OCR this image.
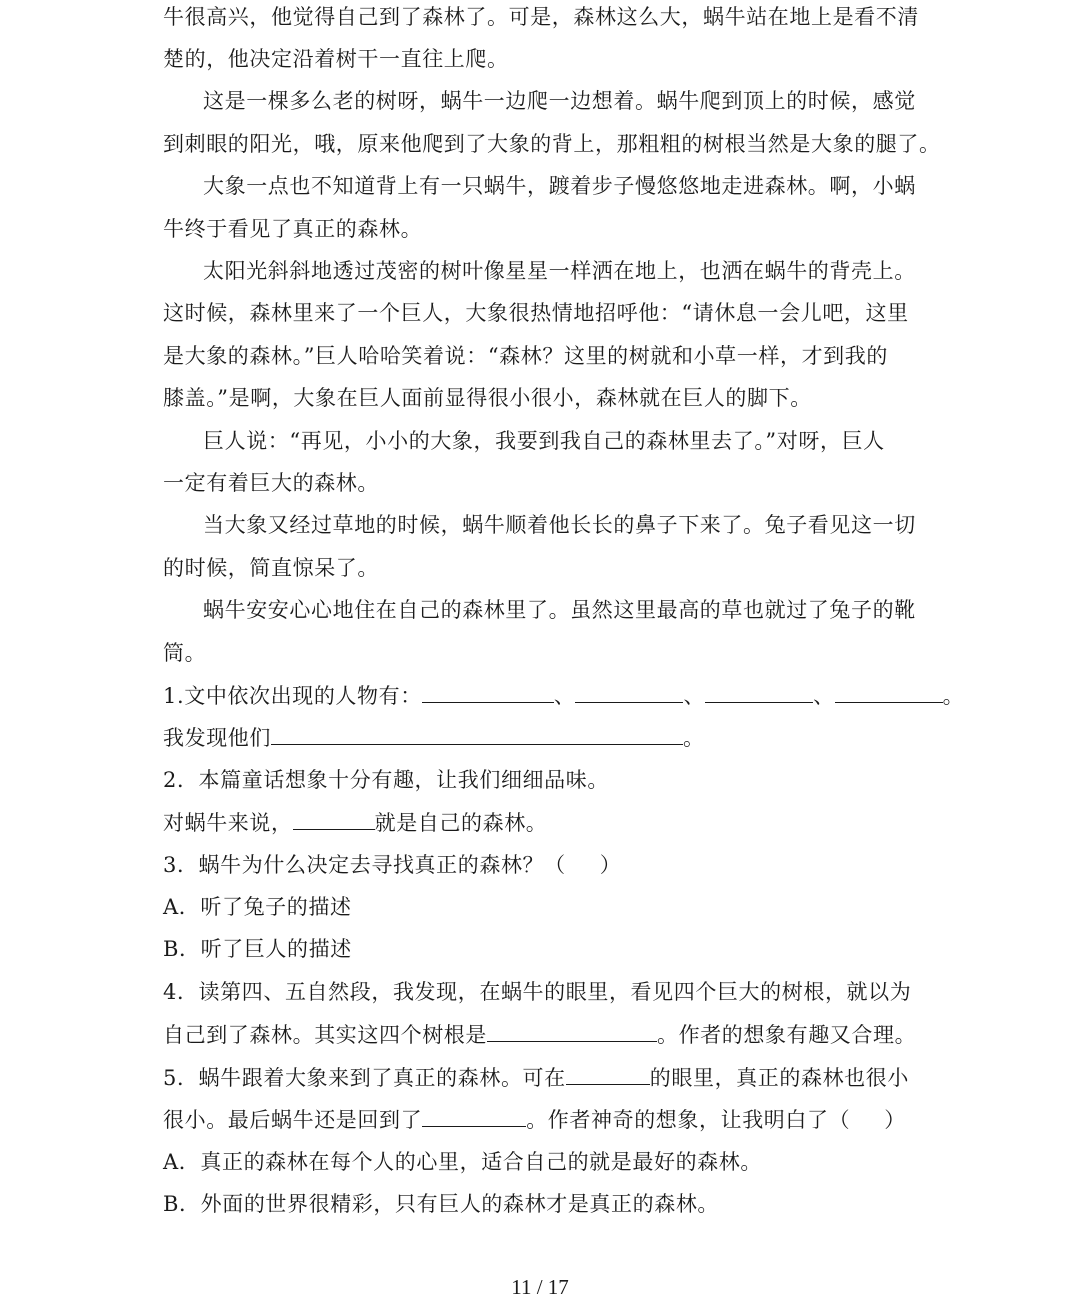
牛很高兴，他觉得自己到了森林了。可是，森林这么大，蜗牛站在地上是看不清
楚的，他决定沿着树干一直往上爬。
这是一棵多么老的树呀，蜗牛一边爬一边想着。蜗牛爬到顶上的时候，感觉
到刺眼的阳光，哦，原来他爬到了大象的背上，那粗粗的树根当然是大象的腿了。
大象一点也不知道背上有一只蜗牛，踱着步子慢悠悠地走进森林。啊，小蜗
牛终于看见了真正的森林。
太阳光斜斜地透过茂密的树叶像星星一样洒在地上，也洒在蜗牛的背壳上。
这时候，森林里来了一个巨人，大象很热情地招呼他：“请休息一会儿吧，这里
是大象的森林。”巨人哈哈笑着说：“森林？这里的树就和小草一样，才到我的
膝盖。”是啊，大象在巨人面前显得很小很小，森林就在巨人的脚下。
巨人说：“再见，小小的大象，我要到我自己的森林里去了。”对呀，巨人
一定有着巨大的森林。
当大象又经过草地的时候，蜗牛顺着他长长的鼻子下来了。兔子看见这一切
的时候，简直惊呆了。
蜗牛安安心心地住在自己的森林里了。虽然这里最高的草也就过了兔子的靴
筒。
1.文中依次出现的人物有：	、	、	、	。
我发现他们	。
2．本篇童话想象十分有趣，让我们细细品味。
对蜗牛来说，	就是自己的森林。
3．蜗牛为什么决定去寻找真正的森林？（ ）
A．听了兔子的描述
B．听了巨人的描述
4．读第四、五自然段，我发现，在蜗牛的眼里，看见四个巨大的树根，就以为
自己到了森林。其实这四个树根是	。作者的想象有趣又合理。
5．蜗牛跟着大象来到了真正的森林。可在	的眼里，真正的森林也很小
很小。最后蜗牛还是回到了	。作者神奇的想象，让我明白了（ ）
A．真正的森林在每个人的心里，适合自己的就是最好的森林。
B．外面的世界很精彩，只有巨人的森林才是真正的森林。
11 / 17
